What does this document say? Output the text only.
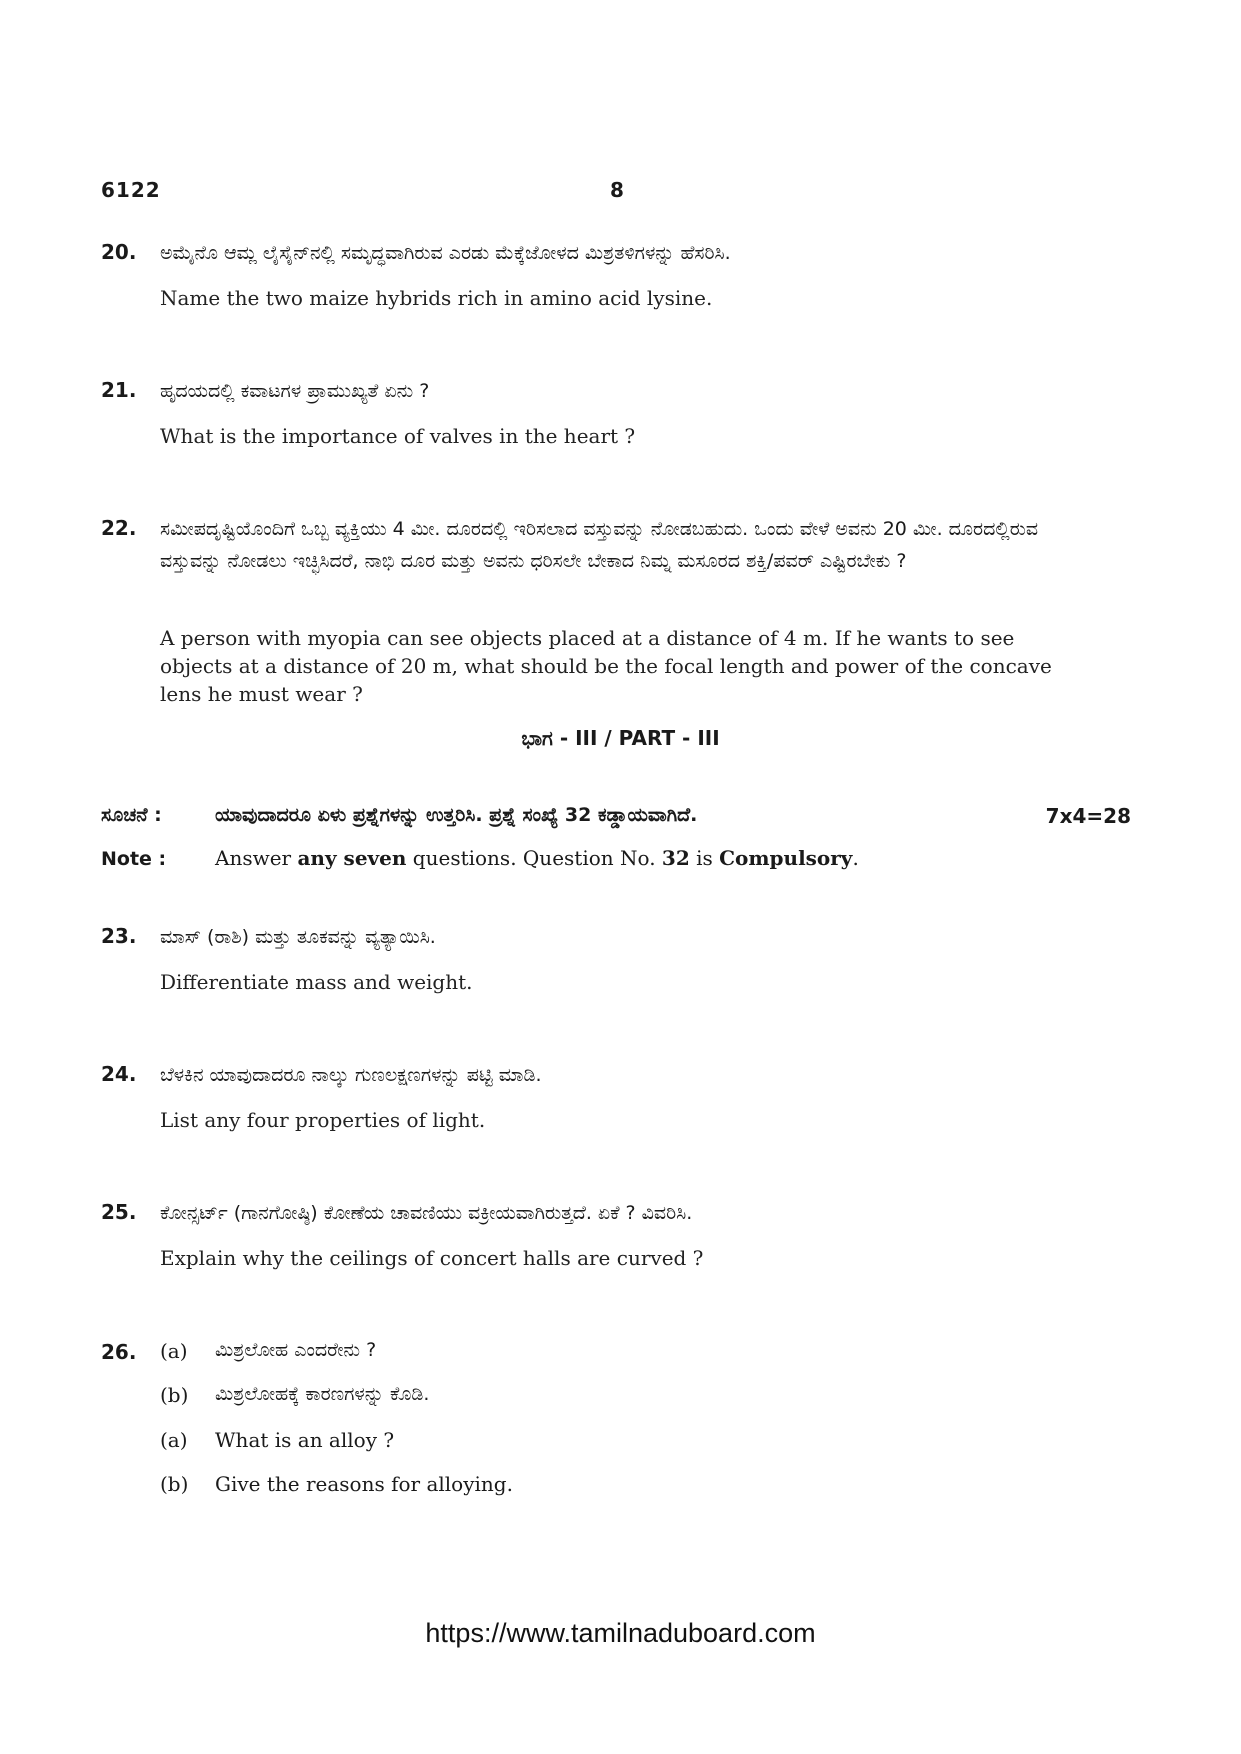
6122	8
20. ಅಮೈನೊ ಆಮ್ಲ ಲೈಸೈನ್‌ನಲ್ಲಿ ಸಮೃದ್ಧವಾಗಿರುವ ಎರಡು ಮೆಕ್ಕೆಜೋಳದ ಮಿಶ್ರತಳಿಗಳನ್ನು ಹೆಸರಿಸಿ.
Name the two maize hybrids rich in amino acid lysine.
21. ಹೃದಯದಲ್ಲಿ ಕವಾಟಗಳ ಪ್ರಾಮುಖ್ಯತೆ ಏನು ?
What is the importance of valves in the heart ?
22. ಸಮೀಪದೃಷ್ಟಿಯೊಂದಿಗೆ ಒಬ್ಬ ವ್ಯಕ್ತಿಯು 4 ಮೀ. ದೂರದಲ್ಲಿ ಇರಿಸಲಾದ ವಸ್ತುವನ್ನು ನೋಡಬಹುದು. ಒಂದು ವೇಳೆ ಅವನು 20 ಮೀ. ದೂರದಲ್ಲಿರುವ ವಸ್ತುವನ್ನು ನೋಡಲು ಇಚ್ಛಿಸಿದರೆ, ನಾಭಿ ದೂರ ಮತ್ತು ಅವನು ಧರಿಸಲೇ ಬೇಕಾದ ನಿಮ್ನ ಮಸೂರದ ಶಕ್ತಿ/ಪವರ್ ಎಷ್ಟಿರಬೇಕು ?
A person with myopia can see objects placed at a distance of 4 m. If he wants to see objects at a distance of 20 m, what should be the focal length and power of the concave lens he must wear ?
ಭಾಗ - III / PART - III
ಸೂಚನೆ :	ಯಾವುದಾದರೂ ಏಳು ಪ್ರಶ್ನೆಗಳನ್ನು ಉತ್ತರಿಸಿ. ಪ್ರಶ್ನೆ ಸಂಖ್ಯೆ 32 ಕಡ್ಡಾಯವಾಗಿದೆ.	7x4=28
Note : Answer any seven questions. Question No. 32 is Compulsory.
23. ಮಾಸ್ (ರಾಶಿ) ಮತ್ತು ತೂಕವನ್ನು ವ್ಯತ್ಯಾಯಿಸಿ.
Differentiate mass and weight.
24. ಬೆಳಕಿನ ಯಾವುದಾದರೂ ನಾಲ್ಕು ಗುಣಲಕ್ಷಣಗಳನ್ನು ಪಟ್ಟಿ ಮಾಡಿ.
List any four properties of light.
25. ಕೋನ್ಸರ್ಟ್ (ಗಾನಗೋಷ್ಠಿ) ಕೋಣೆಯ ಚಾವಣಿಯು ವಕ್ರೀಯವಾಗಿರುತ್ತದೆ. ಏಕೆ ? ವಿವರಿಸಿ.
Explain why the ceilings of concert halls are curved ?
26. (a) ಮಿಶ್ರಲೋಹ ಎಂದರೇನು ?
(b) ಮಿಶ್ರಲೋಹಕ್ಕೆ ಕಾರಣಗಳನ್ನು ಕೊಡಿ.
(a) What is an alloy ?
(b) Give the reasons for alloying.
https://www.tamilnaduboard.com
